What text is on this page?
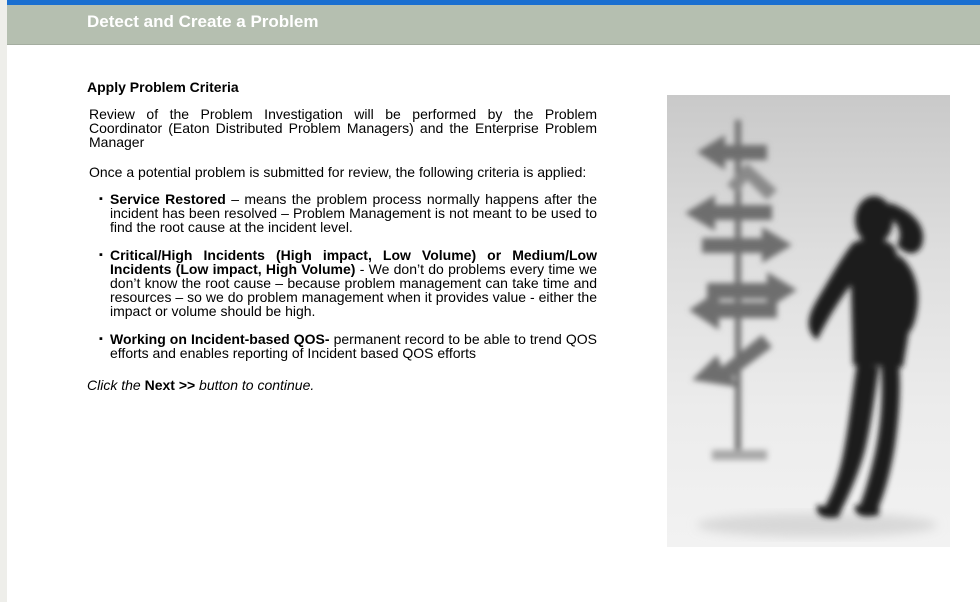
Detect and Create a Problem
Apply Problem Criteria
Review of the Problem Investigation will be performed by the Problem Coordinator (Eaton Distributed Problem Managers) and the Enterprise Problem Manager
Once a potential problem is submitted for review, the following criteria is applied:
▪ Service Restored – means the problem process normally happens after the incident has been resolved – Problem Management is not meant to be used to find the root cause at the incident level.
▪ Critical/High Incidents (High impact, Low Volume) or Medium/Low Incidents (Low impact, High Volume) - We don’t do problems every time we don’t know the root cause – because problem management can take time and resources – so we do problem management when it provides value - either the impact or volume should be high.
▪ Working on Incident-based QOS- permanent record to be able to trend QOS efforts and enables reporting of Incident based QOS efforts
Click the Next >> button to continue.
